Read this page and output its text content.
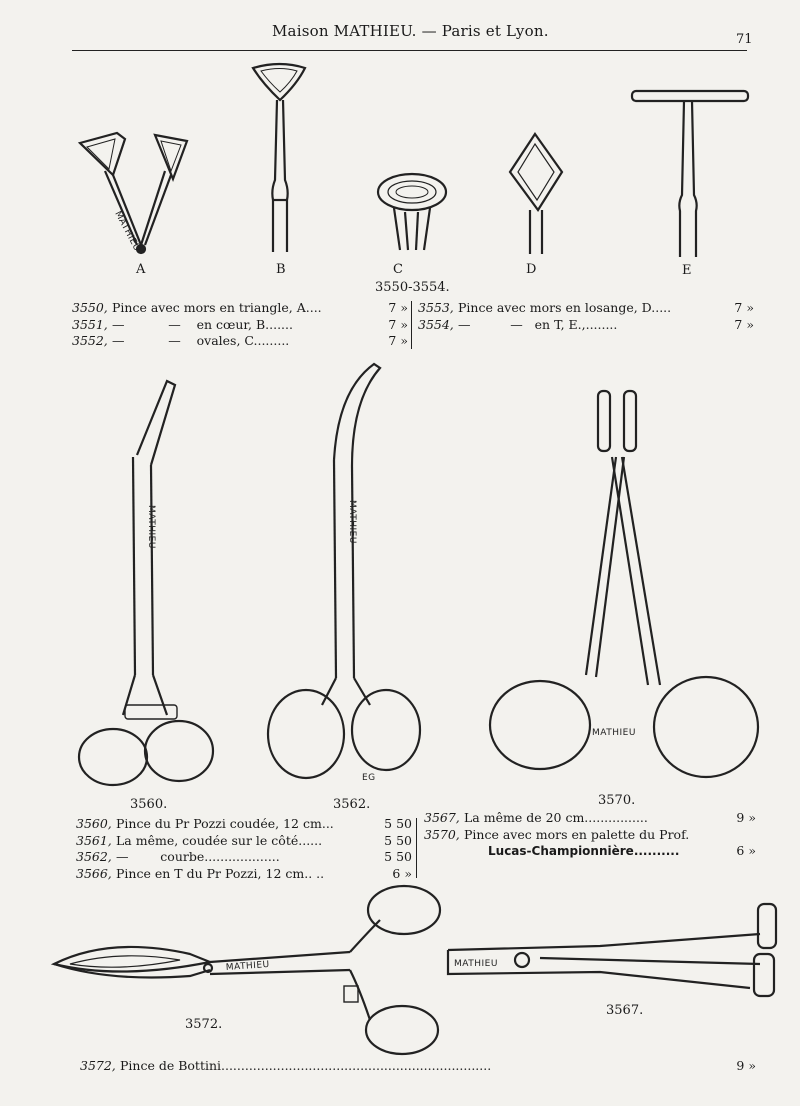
Maison MATHIEU. — Paris et Lyon.	71
MATHIEU
A	B	C
3550-3554.
D	E
3550, Pince avec mors en triangle, A....	7 »
3551, —           —    en cœur, B.......	7 »
3552, —           —    ovales, C.........	7 »
3553, Pince avec mors en losange, D.....	7 »
3554, —          —   en T, E.,........	7 »
MATHIEU
3560.
MATHIEU
EG
3562.
MATHIEU
3570.
3560, Pince du Pr Pozzi coudée, 12 cm...	5 50
3561, La même, coudée sur le côté......	5 50
3562, —        courbe...................	5 50
3566, Pince en T du Pr Pozzi, 12 cm.. ..	6 »
3567, La même de 20 cm................	9 »
3570, Pince avec mors en palette du Prof.
Lucas-Championnière..........	6 »
MATHIEU
3572.
MATHIEU
3567.
3572, Pince de Bottini....................................................................	9 »
